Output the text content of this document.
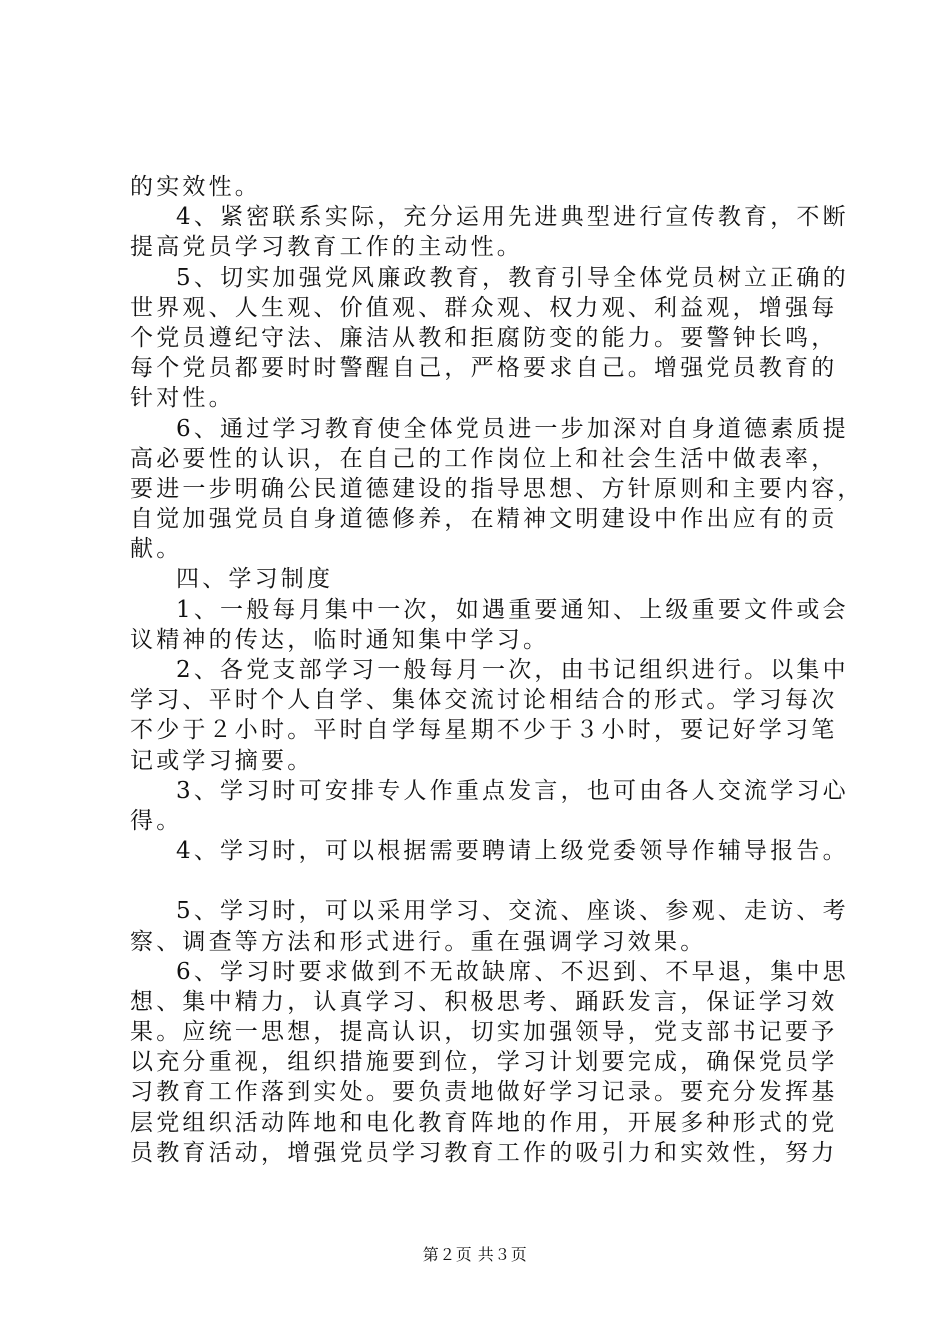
的实效性。
4、紧密联系实际，充分运用先进典型进行宣传教育，不断
提高党员学习教育工作的主动性。
5、切实加强党风廉政教育，教育引导全体党员树立正确的
世界观、人生观、价值观、群众观、权力观、利益观，增强每
个党员遵纪守法、廉洁从教和拒腐防变的能力。要警钟长鸣，
每个党员都要时时警醒自己，严格要求自己。增强党员教育的
针对性。
6、通过学习教育使全体党员进一步加深对自身道德素质提
高必要性的认识，在自己的工作岗位上和社会生活中做表率，
要进一步明确公民道德建设的指导思想、方针原则和主要内容，
自觉加强党员自身道德修养，在精神文明建设中作出应有的贡
献。
四、学习制度
1、一般每月集中一次，如遇重要通知、上级重要文件或会
议精神的传达，临时通知集中学习。
2、各党支部学习一般每月一次，由书记组织进行。以集中
学习、平时个人自学、集体交流讨论相结合的形式。学习每次
不少于２小时。平时自学每星期不少于３小时，要记好学习笔
记或学习摘要。
3、学习时可安排专人作重点发言，也可由各人交流学习心
得。
4、学习时，可以根据需要聘请上级党委领导作辅导报告。
5、学习时，可以采用学习、交流、座谈、参观、走访、考
察、调查等方法和形式进行。重在强调学习效果。
6、学习时要求做到不无故缺席、不迟到、不早退，集中思
想、集中精力，认真学习、积极思考、踊跃发言，保证学习效
果。应统一思想，提高认识，切实加强领导，党支部书记要予
以充分重视，组织措施要到位，学习计划要完成，确保党员学
习教育工作落到实处。要负责地做好学习记录。要充分发挥基
层党组织活动阵地和电化教育阵地的作用，开展多种形式的党
员教育活动，增强党员学习教育工作的吸引力和实效性，努力
第２页 共３页
